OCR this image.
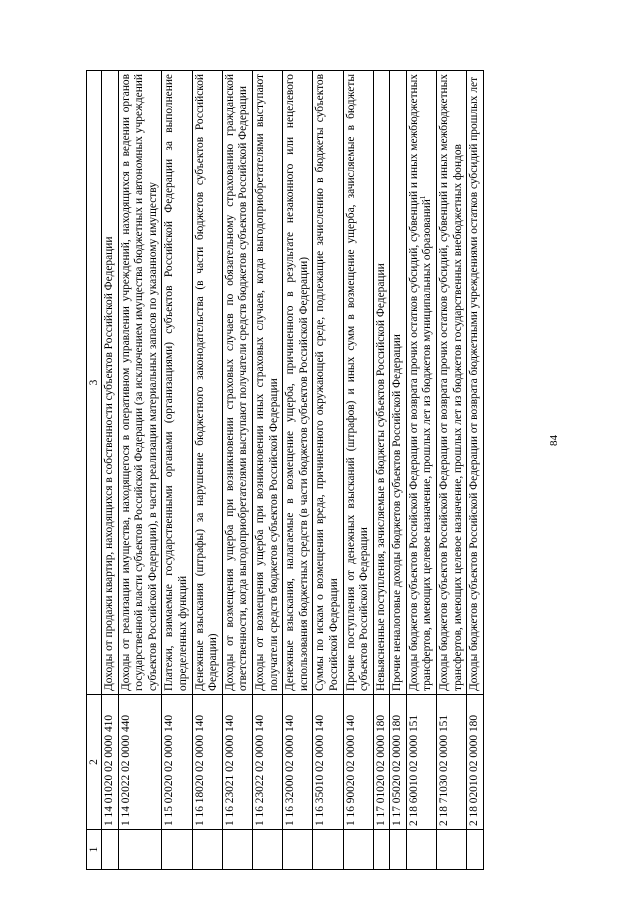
84
1	2	3
	1 14 01020 02 0000 410	Доходы от продажи квартир, находящихся в собственности субъектов Российской Федерации
	1 14 02022 02 0000 440	Доходы от реализации имущества, находящегося в оперативном управлении учреждений, находящихся в ведении органов государственной власти субъектов Российской Федерации (за исключением имущества бюджетных и автономных учреждений субъектов Российской Федерации), в части реализации материальных запасов по указанному имуществу
	1 15 02020 02 0000 140	Платежи, взимаемые государственными органами (организациями) субъектов Российской Федерации за выполнение определенных функций
	1 16 18020 02 0000 140	Денежные взыскания (штрафы) за нарушение бюджетного законодательства (в части бюджетов субъектов Российской Федерации)
	1 16 23021 02 0000 140	Доходы от возмещения ущерба при возникновении страховых случаев по обязательному страхованию гражданской ответственности, когда выгодоприобретателями выступают получатели средств бюджетов субъектов Российской Федерации
	1 16 23022 02 0000 140	Доходы от возмещения ущерба при возникновении иных страховых случаев, когда выгодоприобретателями выступают получатели средств бюджетов субъектов Российской Федерации
	1 16 32000 02 0000 140	Денежные взыскания, налагаемые в возмещение ущерба, причиненного в результате незаконного или нецелевого использования бюджетных средств (в части бюджетов субъектов Российской Федерации)
	1 16 35010 02 0000 140	Суммы по искам о возмещении вреда, причиненного окружающей среде, подлежащие зачислению в бюджеты субъектов Российской Федерации
	1 16 90020 02 0000 140	Прочие поступления от денежных взысканий (штрафов) и иных сумм в возмещение ущерба, зачисляемые в бюджеты субъектов Российской Федерации
	1 17 01020 02 0000 180	Невыясненные поступления, зачисляемые в бюджеты субъектов Российской Федерации
	1 17 05020 02 0000 180	Прочие неналоговые доходы бюджетов субъектов Российской Федерации
	2 18 60010 02 0000 151	Доходы бюджетов субъектов Российской Федерации от возврата прочих остатков субсидий, субвенций и иных межбюджетных трансфертов, имеющих целевое назначение, прошлых лет из бюджетов муниципальных образований$^1$
	2 18 71030 02 0000 151	Доходы бюджетов субъектов Российской Федерации от возврата прочих остатков субсидий, субвенций и иных межбюджетных трансфертов, имеющих целевое назначение, прошлых лет из бюджетов государственных внебюджетных фондов
	2 18 02010 02 0000 180	Доходы бюджетов субъектов Российской Федерации от возврата бюджетными учреждениями остатков субсидий прошлых лет
